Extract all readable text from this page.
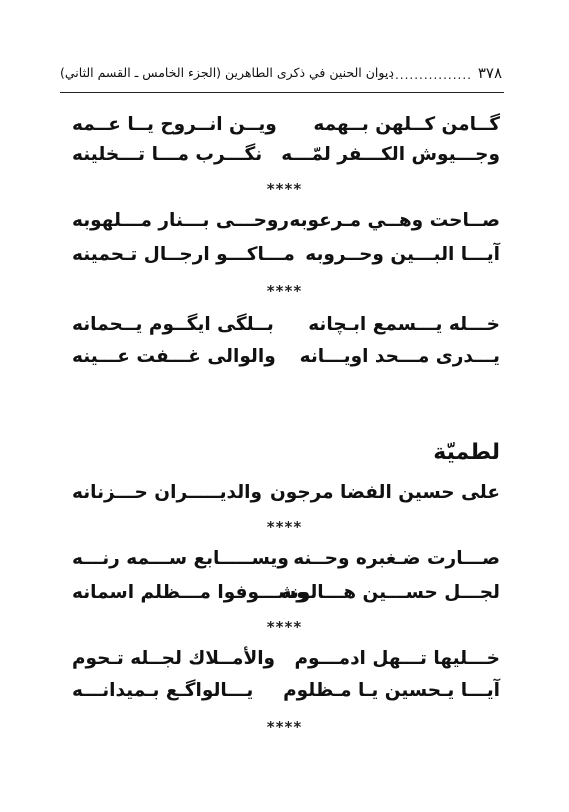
٣٧٨
..................
ديوان الحنين في ذكرى الطاهرين (الجزء الخامس ـ القسم الثاني)
گــامن كــلهن بــهمه
ويــن انــروح يــا عــمه
وجـــيوش الكـــفر لمّـــه
نگـــرب مـــا تـــخلينه
****
صــاحت وهــي مـرعوبه
روحـــى بـــنار مـــلهوبه
آيـــا البـــين وحــروبه
مـــاكـــو ارجــال تـحمينه
****
خـــله يـــسمع ابـچانه
بــلگى ايگــوم يــحمانه
يـــدرى مـــحد اويـــانه
والوالى غـــفت عـــينه
لطميّة
على حسين الفضا مرجون
والديـــــران حـــزنانه
****
صـــارت ضـغبره وحــنه
ويســـــابع ســـمه رنـــه
لجـــل حســـين هـــالونه
وشـــوفوا مـــظلم اسمانه
****
خـــليها تـــهل ادمـــوم
والأمــلاك لجــله تـحوم
آيـــا يـحسين يـا مـظلوم
يـــالواگـع بـميدانـــه
****
